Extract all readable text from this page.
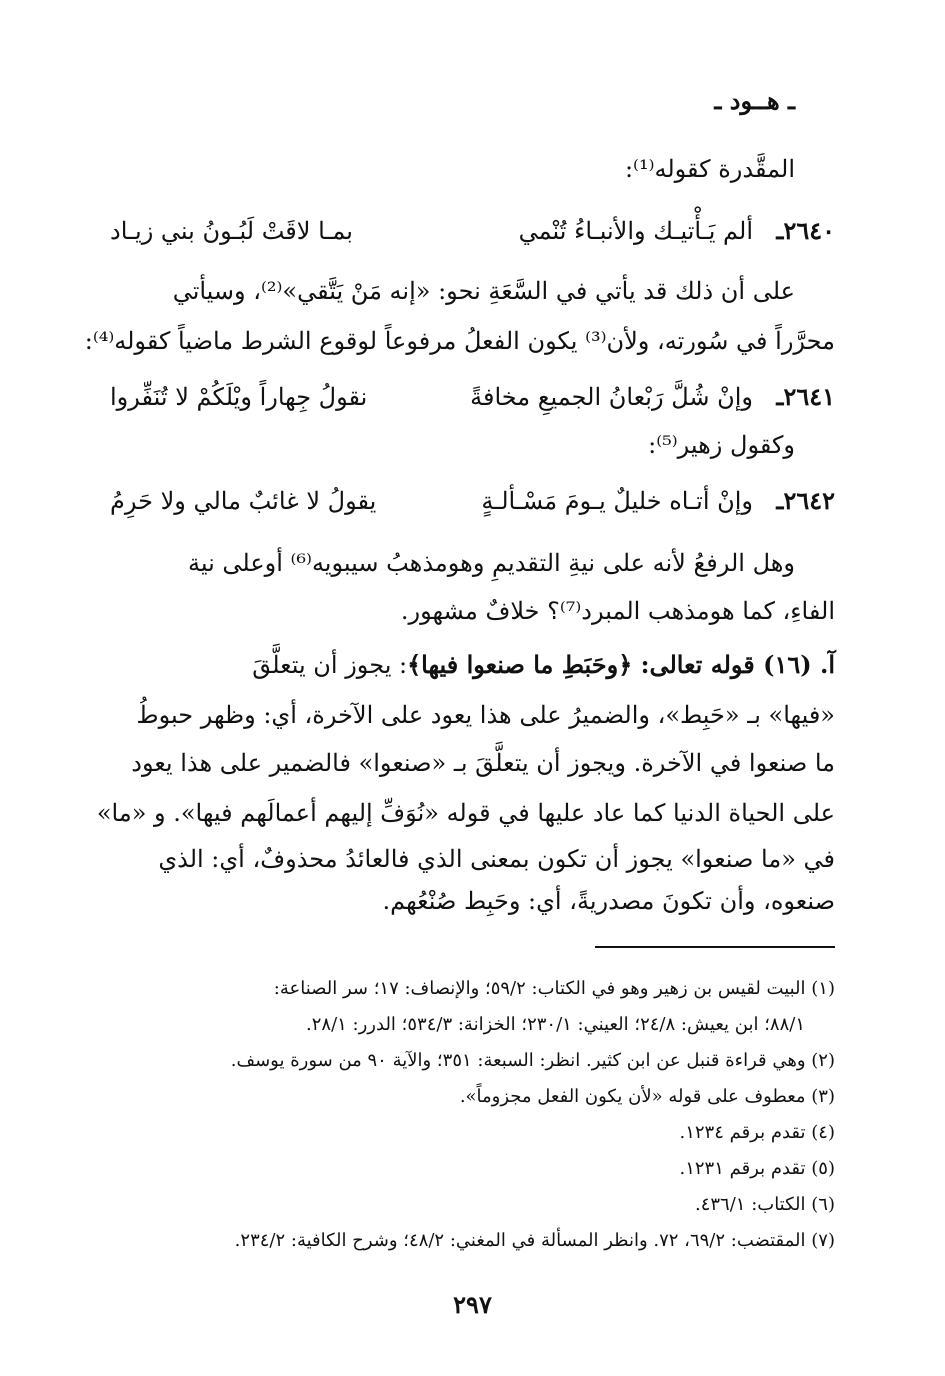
ـ هــود ـ
المقَّدرة كقوله⁽¹⁾:
٢٦٤٠ـ
ألم يَـأْتيـك والأنبـاءُ تُنْمي
بمـا لاقَتْ لَبُـونُ بني زيـاد
على أن ذلك قد يأتي في السَّعَةِ نحو: «إنه مَنْ يَتَّقي»⁽²⁾، وسيأتي
محرَّراً في سُورته، ولأن⁽³⁾ يكون الفعلُ مرفوعاً لوقوع الشرط ماضياً كقوله⁽⁴⁾:
٢٦٤١ـ
وإنْ شُلَّ رَبْعانُ الجميعِ مخافةً
نقولُ جِهاراً ويْلَكُمْ لا تُنَفِّروا
وكقول زهير⁽⁵⁾:
٢٦٤٢ـ
وإنْ أتـاه خليلٌ يـومَ مَسْـألـةٍ
يقولُ لا غائبٌ مالي ولا حَرِمُ
وهل الرفعُ لأنه على نيةِ التقديمِ وهومذهبُ سيبويه⁽⁶⁾ أوعلى نية
الفاءِ، كما هومذهب المبرد⁽⁷⁾؟ خلافٌ مشهور.
آ. (١٦) قوله تعالى: ﴿وحَبَطِ ما صنعوا فيها﴾: يجوز أن يتعلَّقَ
«فيها» بـ «حَبِط»، والضميرُ على هذا يعود على الآخرة، أي: وظهر حبوطُ
ما صنعوا في الآخرة. ويجوز أن يتعلَّقَ بـ «صنعوا» فالضمير على هذا يعود
على الحياة الدنيا كما عاد عليها في قوله «نُوَفِّ إليهم أعمالَهم فيها». و «ما»
في «ما صنعوا» يجوز أن تكون بمعنى الذي فالعائدُ محذوفٌ، أي: الذي
صنعوه، وأن تكونَ مصدريةً، أي: وحَبِط صُنْعُهم.
(١) البيت لقيس بن زهير وهو في الكتاب: ٥٩/٢؛ والإنصاف: ١٧؛ سر الصناعة:
٨٨/١؛ ابن يعيش: ٢٤/٨؛ العيني: ٢٣٠/١؛ الخزانة: ٥٣٤/٣؛ الدرر: ٢٨/١.
(٢) وهي قراءة قنبل عن ابن كثير. انظر: السبعة: ٣٥١؛ والآية ٩٠ من سورة يوسف.
(٣) معطوف على قوله «لأن يكون الفعل مجزوماً».
(٤) تقدم برقم ١٢٣٤.
(٥) تقدم برقم ١٢٣١.
(٦) الكتاب: ٤٣٦/١.
(٧) المقتضب: ٦٩/٢، ٧٢. وانظر المسألة في المغني: ٤٨/٢؛ وشرح الكافية: ٢٣٤/٢.
٢٩٧
